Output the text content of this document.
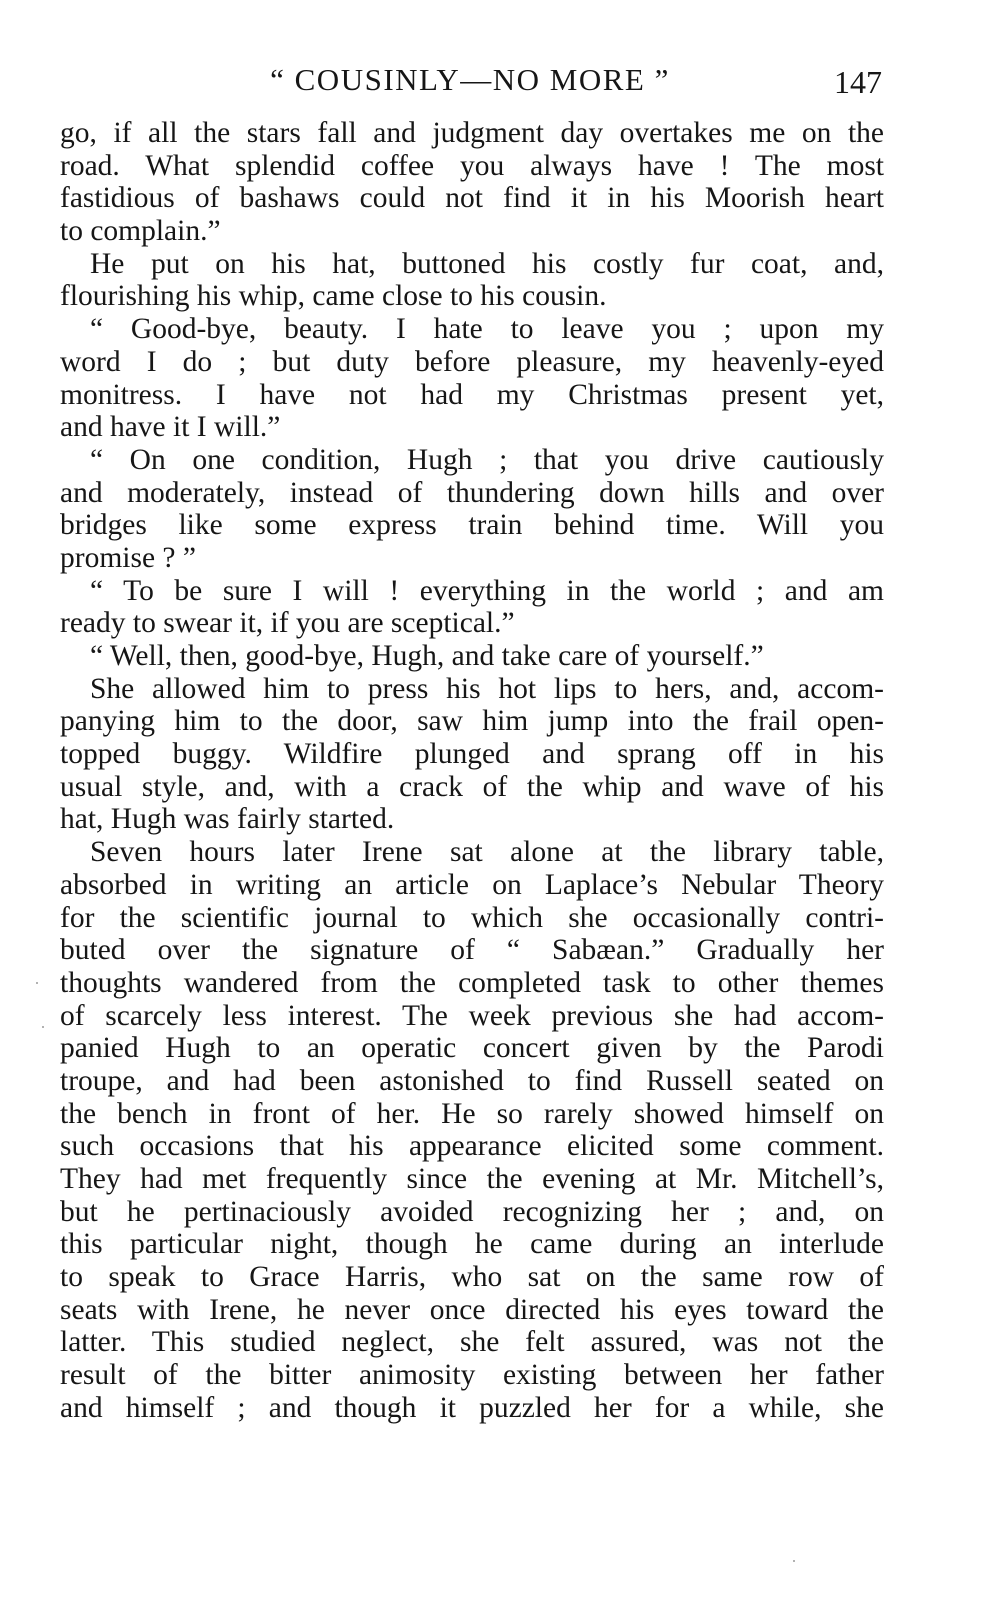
“ COUSINLY—NO MORE ”	147
go, if all the stars fall and judgment day overtakes me on the
road. What splendid coffee you always have ! The most
fastidious of bashaws could not find it in his Moorish heart
to complain.”
He put on his hat, buttoned his costly fur coat, and,
flourishing his whip, came close to his cousin.
“ Good-bye, beauty. I hate to leave you ; upon my
word I do ; but duty before pleasure, my heavenly-eyed
monitress. I have not had my Christmas present yet,
and have it I will.”
“ On one condition, Hugh ; that you drive cautiously
and moderately, instead of thundering down hills and over
bridges like some express train behind time. Will you
promise ? ”
“ To be sure I will ! everything in the world ; and am
ready to swear it, if you are sceptical.”
“ Well, then, good-bye, Hugh, and take care of yourself.”
She allowed him to press his hot lips to hers, and, accom-
panying him to the door, saw him jump into the frail open-
topped buggy. Wildfire plunged and sprang off in his
usual style, and, with a crack of the whip and wave of his
hat, Hugh was fairly started.
Seven hours later Irene sat alone at the library table,
absorbed in writing an article on Laplace’s Nebular Theory
for the scientific journal to which she occasionally contri-
buted over the signature of “ Sabæan.” Gradually her
thoughts wandered from the completed task to other themes
of scarcely less interest. The week previous she had accom-
panied Hugh to an operatic concert given by the Parodi
troupe, and had been astonished to find Russell seated on
the bench in front of her. He so rarely showed himself on
such occasions that his appearance elicited some comment.
They had met frequently since the evening at Mr. Mitchell’s,
but he pertinaciously avoided recognizing her ; and, on
this particular night, though he came during an interlude
to speak to Grace Harris, who sat on the same row of
seats with Irene, he never once directed his eyes toward the
latter. This studied neglect, she felt assured, was not the
result of the bitter animosity existing between her father
and himself ; and though it puzzled her for a while, she
